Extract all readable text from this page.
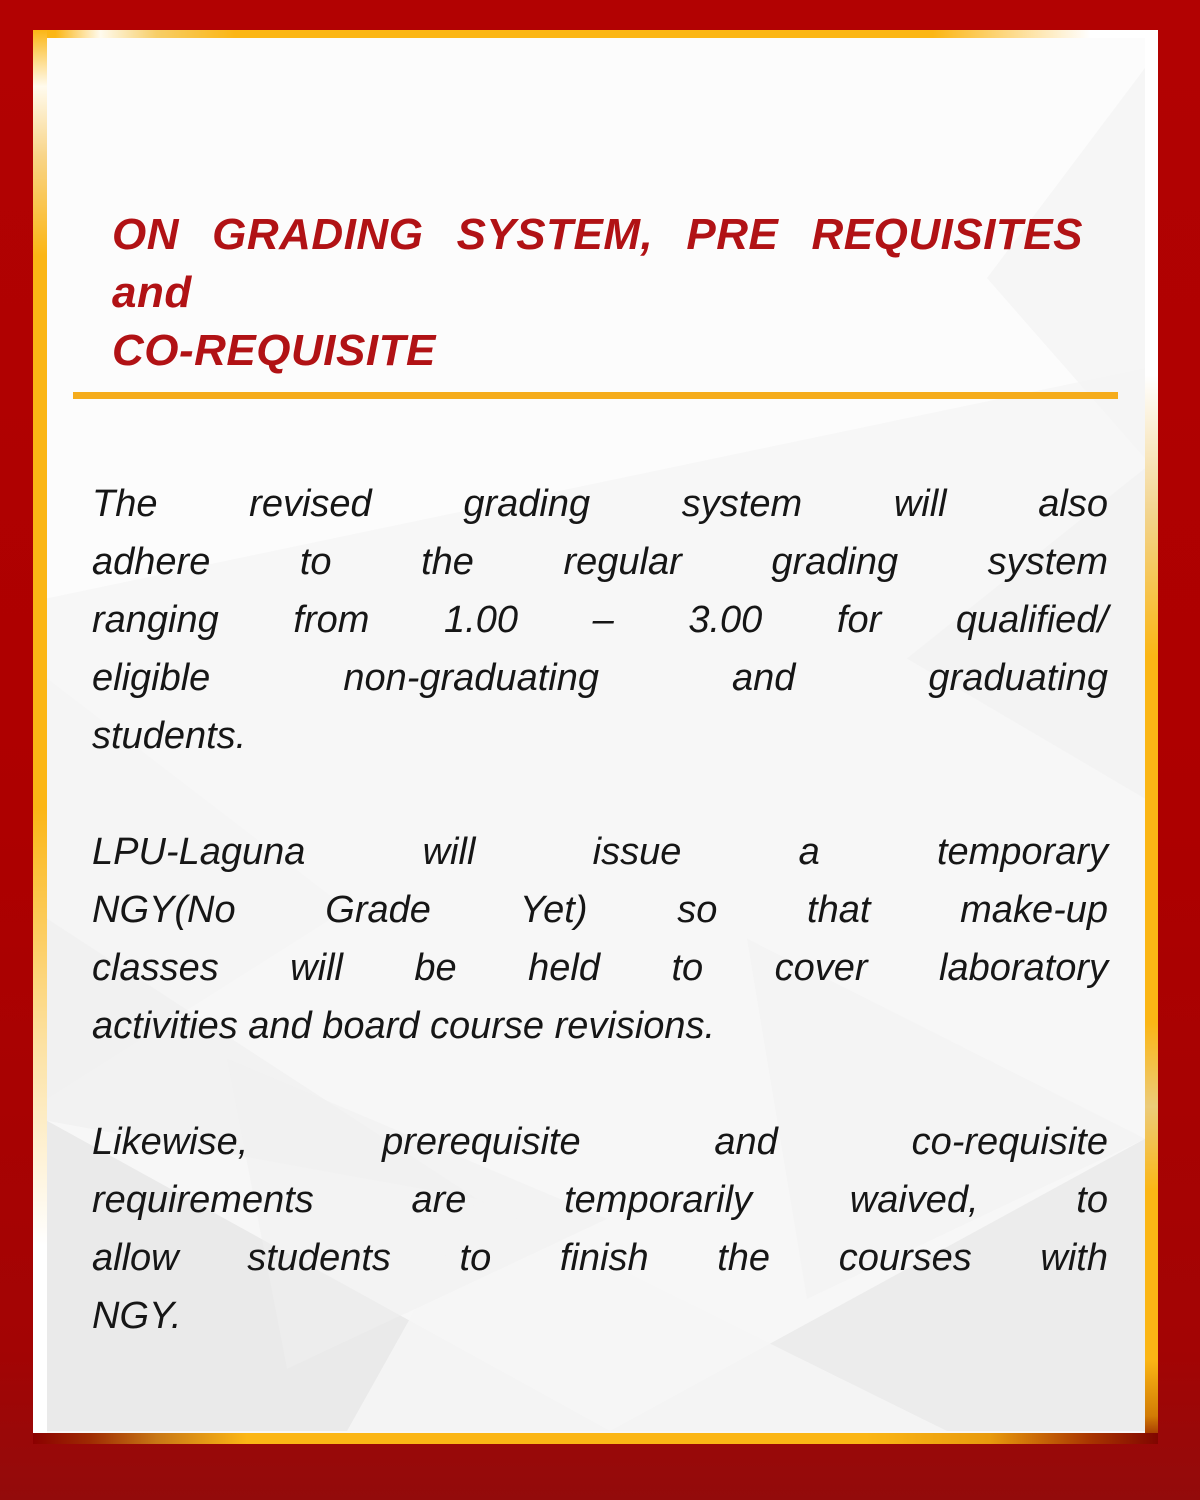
ON GRADING SYSTEM, PRE REQUISITES and
CO-REQUISITE

The revised grading system will also
adhere to the regular grading system
ranging from 1.00 – 3.00 for qualified/
eligible non-graduating and graduating
students.

LPU-Laguna will issue a temporary
NGY(No Grade Yet) so that make-up
classes will be held to cover laboratory
activities and board course revisions.

Likewise, prerequisite and co-requisite
requirements are temporarily waived, to
allow students to finish the courses with
NGY.
